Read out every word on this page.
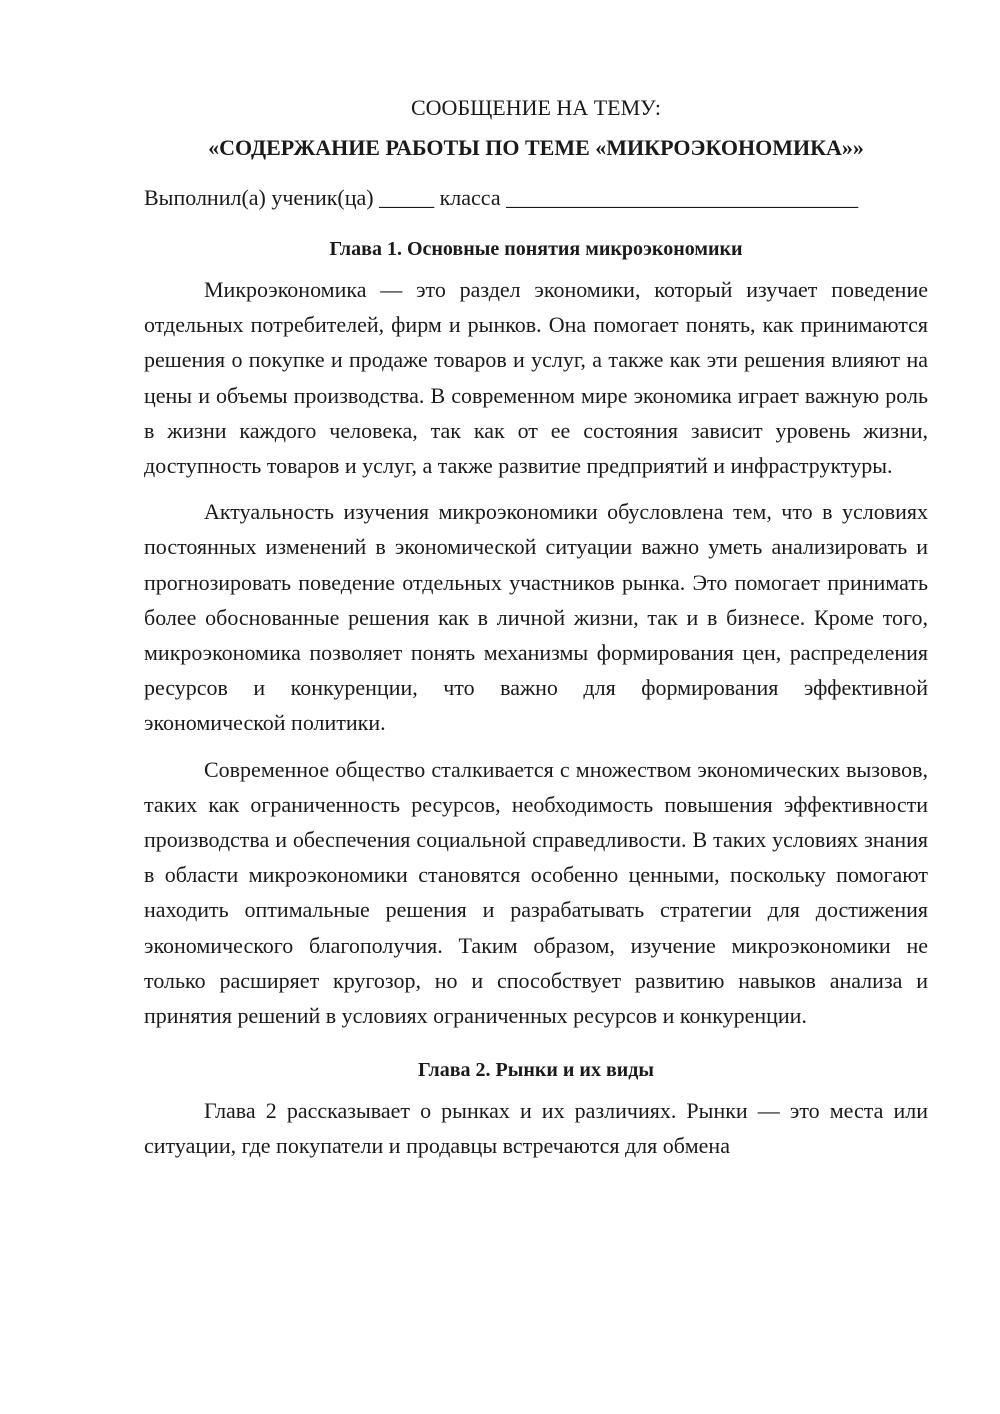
СООБЩЕНИЕ НА ТЕМУ:

«СОДЕРЖАНИЕ РАБОТЫ ПО ТЕМЕ «МИКРОЭКОНОМИКА»»

Выполнил(а) ученик(ца) _____ класса ________________________________

Глава 1. Основные понятия микроэкономики

Микроэкономика — это раздел экономики, который изучает поведение отдельных потребителей, фирм и рынков. Она помогает понять, как принимаются решения о покупке и продаже товаров и услуг, а также как эти решения влияют на цены и объемы производства. В современном мире экономика играет важную роль в жизни каждого человека, так как от ее состояния зависит уровень жизни, доступность товаров и услуг, а также развитие предприятий и инфраструктуры.

Актуальность изучения микроэкономики обусловлена тем, что в условиях постоянных изменений в экономической ситуации важно уметь анализировать и прогнозировать поведение отдельных участников рынка. Это помогает принимать более обоснованные решения как в личной жизни, так и в бизнесе. Кроме того, микроэкономика позволяет понять механизмы формирования цен, распределения ресурсов и конкуренции, что важно для формирования эффективной экономической политики.

Современное общество сталкивается с множеством экономических вызовов, таких как ограниченность ресурсов, необходимость повышения эффективности производства и обеспечения социальной справедливости. В таких условиях знания в области микроэкономики становятся особенно ценными, поскольку помогают находить оптимальные решения и разрабатывать стратегии для достижения экономического благополучия. Таким образом, изучение микроэкономики не только расширяет кругозор, но и способствует развитию навыков анализа и принятия решений в условиях ограниченных ресурсов и конкуренции.

Глава 2. Рынки и их виды

Глава 2 рассказывает о рынках и их различиях. Рынки — это места или ситуации, где покупатели и продавцы встречаются для обмена
